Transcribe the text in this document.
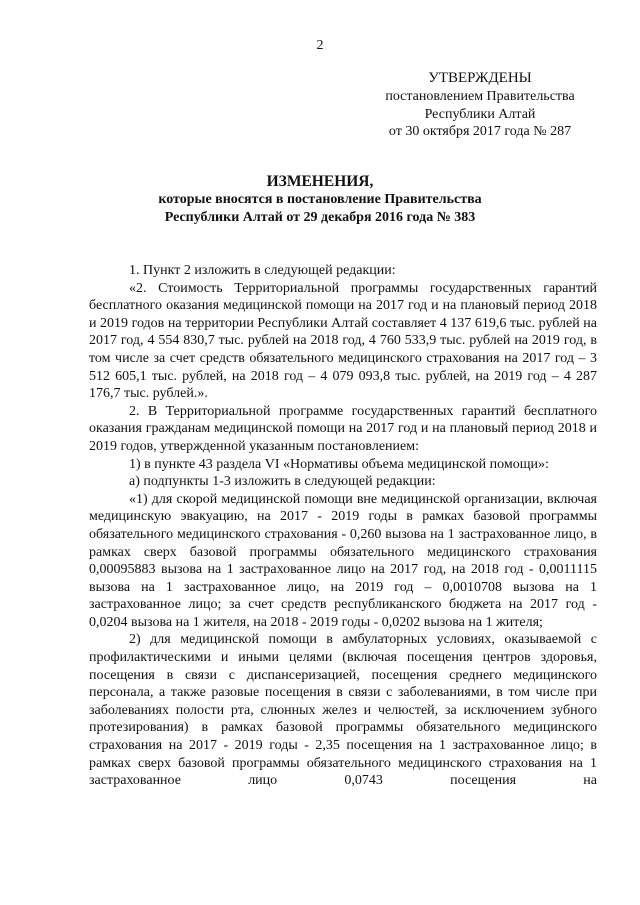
2
УТВЕРЖДЕНЫ
постановлением Правительства
Республики Алтай
от 30 октября 2017 года № 287
ИЗМЕНЕНИЯ,
которые вносятся в постановление Правительства
Республики Алтай от 29 декабря 2016 года № 383

1. Пункт 2 изложить в следующей редакции:

«2. Стоимость Территориальной программы государственных гарантий бесплатного оказания медицинской помощи на 2017 год и на плановый период 2018 и 2019 годов на территории Республики Алтай составляет 4 137 619,6 тыс. рублей на 2017 год, 4 554 830,7 тыс. рублей на 2018 год, 4 760 533,9 тыс. рублей на 2019 год, в том числе за счет средств обязательного медицинского страхования на 2017 год – 3 512 605,1 тыс. рублей, на 2018 год – 4 079 093,8 тыс. рублей, на 2019 год – 4 287 176,7 тыс. рублей.».

2. В Территориальной программе государственных гарантий бесплатного оказания гражданам медицинской помощи на 2017 год и на плановый период 2018 и 2019 годов, утвержденной указанным постановлением:

1) в пункте 43 раздела VI «Нормативы объема медицинской помощи»:

а) подпункты 1-3 изложить в следующей редакции:

«1) для скорой медицинской помощи вне медицинской организации, включая медицинскую эвакуацию, на 2017 - 2019 годы в рамках базовой программы обязательного медицинского страхования - 0,260 вызова на 1 застрахованное лицо, в рамках сверх базовой программы обязательного медицинского страхования 0,00095883 вызова на 1 застрахованное лицо на 2017 год, на 2018 год - 0,0011115 вызова на 1 застрахованное лицо, на 2019 год – 0,0010708 вызова на 1 застрахованное лицо; за счет средств республиканского бюджета на 2017 год - 0,0204 вызова на 1 жителя, на 2018 - 2019 годы - 0,0202 вызова на 1 жителя;

2) для медицинской помощи в амбулаторных условиях, оказываемой с профилактическими и иными целями (включая посещения центров здоровья, посещения в связи с диспансеризацией, посещения среднего медицинского персонала, а также разовые посещения в связи с заболеваниями, в том числе при заболеваниях полости рта, слюнных желез и челюстей, за исключением зубного протезирования) в рамках базовой программы обязательного медицинского страхования на 2017 - 2019 годы - 2,35 посещения на 1 застрахованное лицо; в рамках сверх базовой программы обязательного медицинского страхования на 1 застрахованное лицо 0,0743 посещения на
